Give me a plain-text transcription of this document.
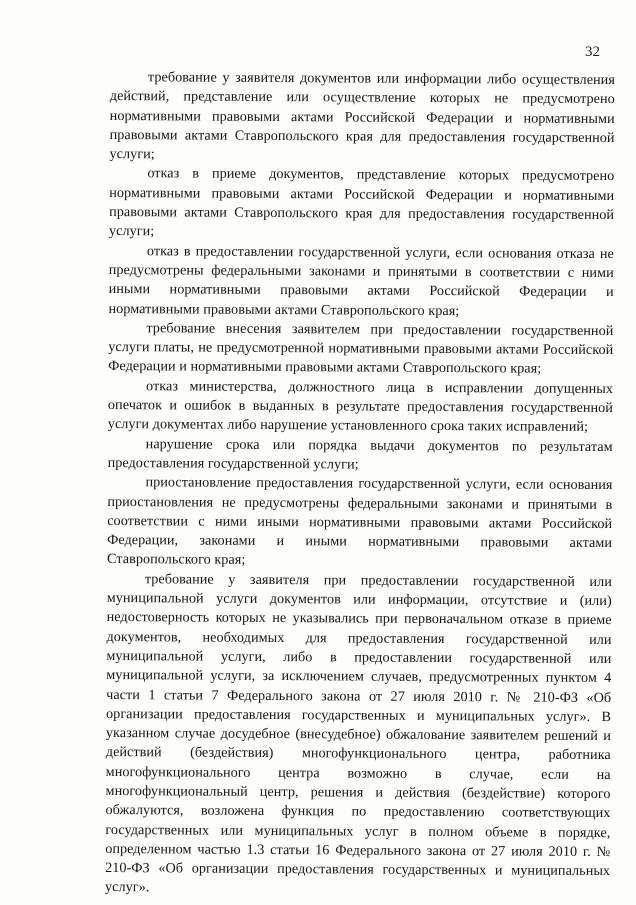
32

требование у заявителя документов или информации либо осуществления действий, представление или осуществление которых не предусмотрено нормативными правовыми актами Российской Федерации и нормативными правовыми актами Ставропольского края для предоставления государственной услуги;

отказ в приеме документов, представление которых предусмотрено нормативными правовыми актами Российской Федерации и нормативными правовыми актами Ставропольского края для предоставления государственной услуги;

отказ в предоставлении государственной услуги, если основания отказа не предусмотрены федеральными законами и принятыми в соответствии с ними иными нормативными правовыми актами Российской Федерации и нормативными правовыми актами Ставропольского края;

требование внесения заявителем при предоставлении государственной услуги платы, не предусмотренной нормативными правовыми актами Российской Федерации и нормативными правовыми актами Ставропольского края;

отказ министерства, должностного лица в исправлении допущенных опечаток и ошибок в выданных в результате предоставления государственной услуги документах либо нарушение установленного срока таких исправлений;

нарушение срока или порядка выдачи документов по результатам предоставления государственной услуги;

приостановление предоставления государственной услуги, если основания приостановления не предусмотрены федеральными законами и принятыми в соответствии с ними иными нормативными правовыми актами Российской Федерации, законами и иными нормативными правовыми актами Ставропольского края;

требование у заявителя при предоставлении государственной или муниципальной услуги документов или информации, отсутствие и (или) недостоверность которых не указывались при первоначальном отказе в приеме документов, необходимых для предоставления государственной или муниципальной услуги, либо в предоставлении государственной или муниципальной услуги, за исключением случаев, предусмотренных пунктом 4 части 1 статьи 7 Федерального закона от 27 июля 2010 г. № 210-ФЗ «Об организации предоставления государственных и муниципальных услуг». В указанном случае досудебное (внесудебное) обжалование заявителем решений и действий (бездействия) многофункционального центра, работника многофункционального центра возможно в случае, если на многофункциональный центр, решения и действия (бездействие) которого обжалуются, возложена функция по предоставлению соответствующих государственных или муниципальных услуг в полном объеме в порядке, определенном частью 1.3 статьи 16 Федерального закона от 27 июля 2010 г. № 210-ФЗ «Об организации предоставления государственных и муниципальных услуг».
